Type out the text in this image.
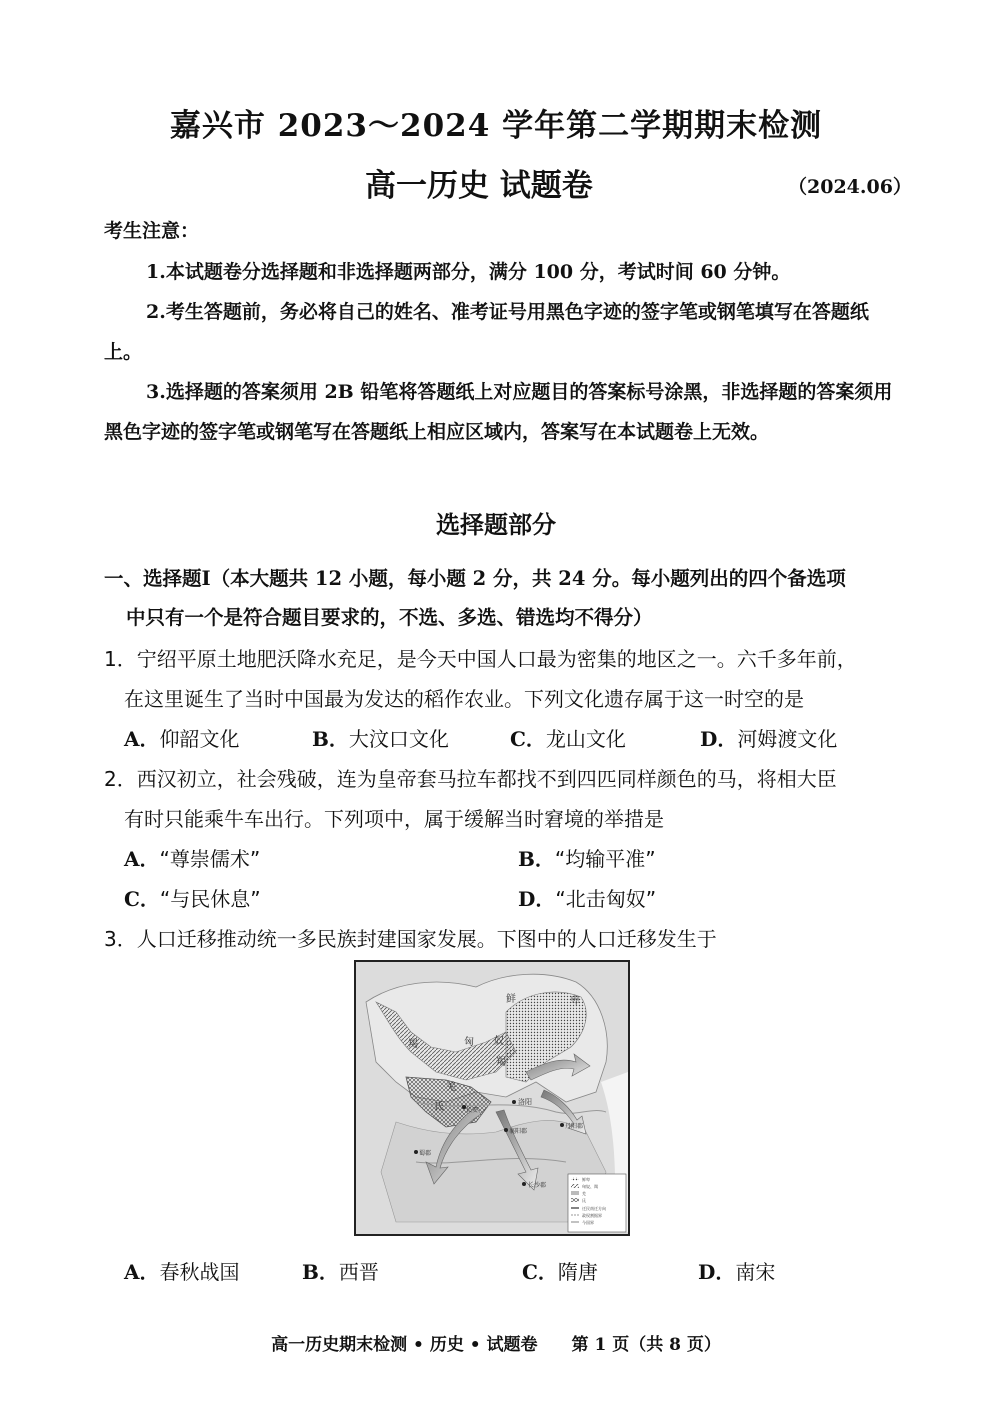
嘉兴市 2023～2024 学年第二学期期末检测
高一历史 试题卷	（2024.06）
考生注意：

1.本试题卷分选择题和非选择题两部分，满分 100 分，考试时间 60 分钟。

2.考生答题前，务必将自己的姓名、准考证号用黑色字迹的签字笔或钢笔填写在答题纸上。

3.选择题的答案须用 2B 铅笔将答题纸上对应题目的答案标号涂黑，非选择题的答案须用黑色字迹的签字笔或钢笔写在答题纸上相应区域内，答案写在本试题卷上无效。

选择题部分
一、选择题Ⅰ（本大题共 12 小题，每小题 2 分，共 24 分。每小题列出的四个备选项
中只有一个是符合题目要求的，不选、多选、错选均不得分）
1．宁绍平原土地肥沃降水充足，是今天中国人口最为密集的地区之一。六千多年前，
在这里诞生了当时中国最为发达的稻作农业。下列文化遗存属于这一时空的是
A．仰韶文化	B．大汶口文化	C．龙山文化	D．河姆渡文化
2．西汉初立，社会残破，连为皇帝套马拉车都找不到四匹同样颜色的马，将相大臣
有时只能乘牛车出行。下列项中，属于缓解当时窘境的举措是
A．“尊崇儒术”	B．“均输平准”
C．“与民休息”	D．“北击匈奴”
3．人口迁移推动统一多民族封建国家发展。下图中的人口迁移发生于
鲜	卑
羯	匈 奴
羯
羌
氐	洛阳
长安
襄阳郡
丹阳郡
蜀郡
长沙郡
鲜卑
匈奴、羯
羌
氐
迁民南迁方向
政权割据界
今国界
A．春秋战国	B．西晋	C．隋唐	D．南宋
高一历史期末检测 • 历史 • 试题卷　　第 1 页（共 8 页）
